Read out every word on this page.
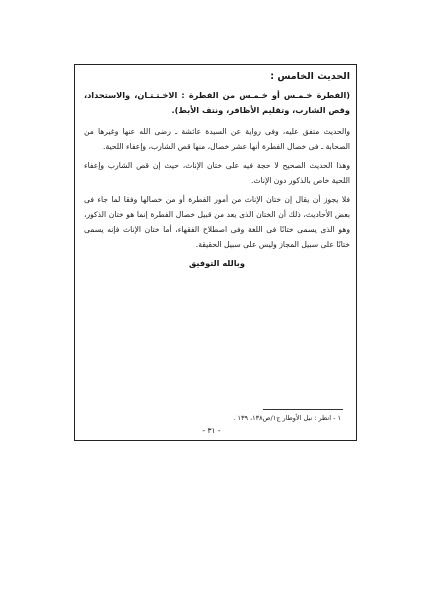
الحديث الخامس :
(الفطرة خـمـس أو خـمـس من الفطرة : الاخـتـتـان، والاستحداد، وقص الشارب، وتقليم الأظافر، ونتف الأبط).

والحديث متفق عليه، وفى رواية عن السيدة عائشة ـ رضى الله عنها وغيرها من الصحابة ـ فى خصال الفطرة أنها عشر خصال، منها قص الشارب، وإعفاء اللحية.

وهذا الحديث الصحيح لا حجة فيه على ختان الإناث، حيث إن قص الشارب وإعفاء اللحية خاص بالذكور دون الإناث.

فلا يجوز أن يقال إن ختان الإناث من أمور الفطرة أو من خصالها وفقا لما جاء فى بعض الأحاديث، ذلك أن الختان الذى يعد من قبيل خصال الفطرة إنما هو ختان الذكور، وهو الذى يسمى ختانًا فى اللغة وفى اصطلاح الفقهاء، أما ختان الإناث فإنه يسمى ختانًا على سبيل المجاز وليس على سبيل الحقيقة.

وبالله التوفيق
١ - انظر : نيل الأوطار ج١/ص١٣٨، ١٣٩ .
- ٣١ -
